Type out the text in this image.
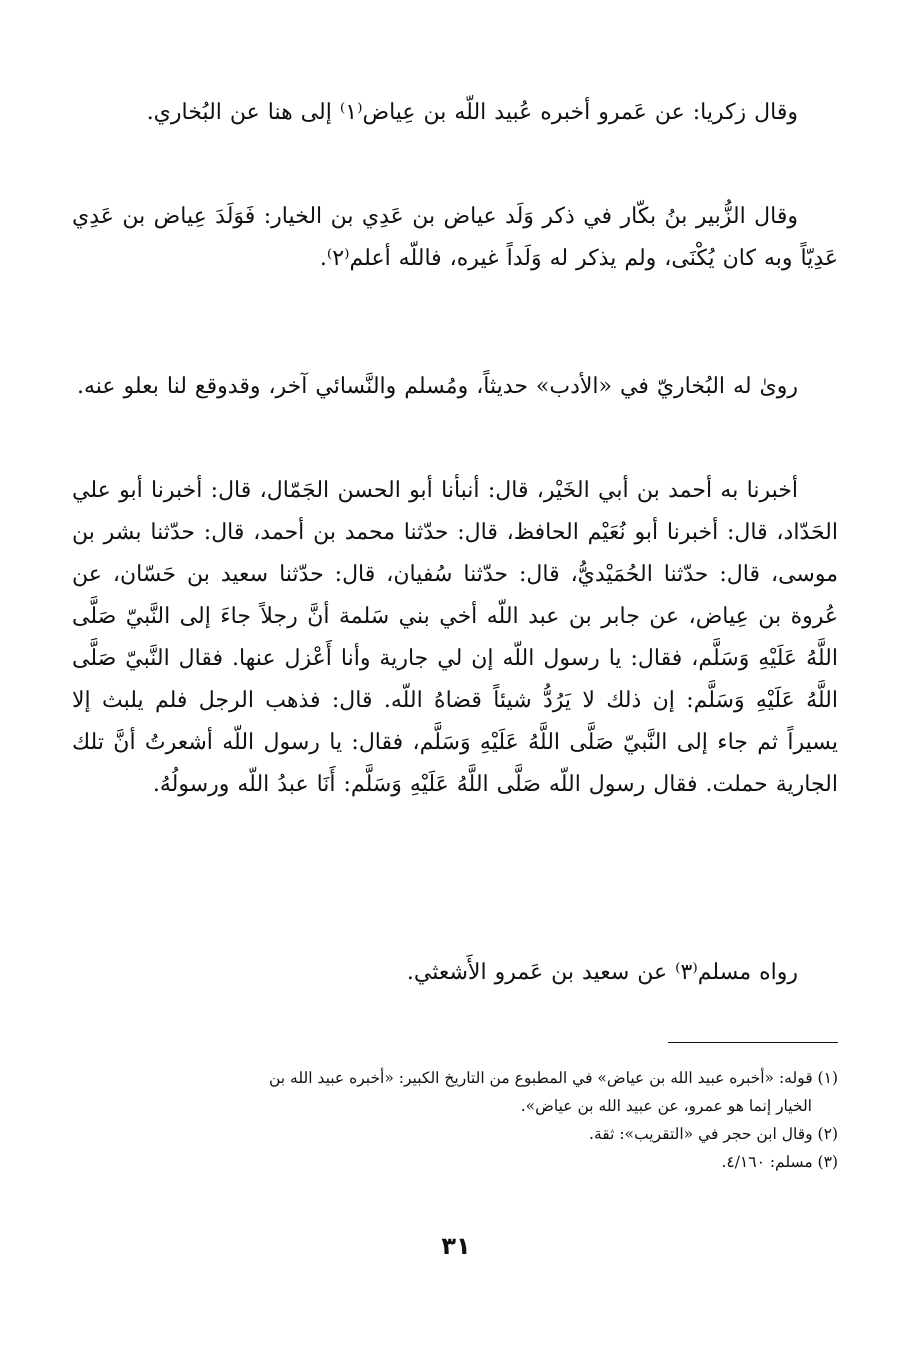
وقال زكريا: عن عَمرو أخبره عُبيد اللّه بن عِياض⁽١⁾ إلى هنا عن البُخاري.

وقال الزُّبير بنُ بكّار في ذكر وَلَد عياض بن عَدِي بن الخيار: فَوَلَدَ عِياض بن عَدِي عَدِيّاً وبه كان يُكْنَى، ولم يذكر له وَلَداً غيره، فاللّه أعلم⁽٢⁾.

روىٰ له البُخاريّ في «الأدب» حديثاً، ومُسلم والنَّسائي آخر، وقدوقع لنا بعلو عنه.

أخبرنا به أحمد بن أبي الخَيْر، قال: أنبأنا أبو الحسن الجَمّال، قال: أخبرنا أبو علي الحَدّاد، قال: أخبرنا أبو نُعَيْم الحافظ، قال: حدّثنا محمد بن أحمد، قال: حدّثنا بشر بن موسى، قال: حدّثنا الحُمَيْديُّ، قال: حدّثنا سُفيان، قال: حدّثنا سعيد بن حَسّان، عن عُروة بن عِياض، عن جابر بن عبد اللّه أخي بني سَلمة أنَّ رجلاً جاءَ إلى النَّبيّ صَلَّى اللَّهُ عَلَيْهِ وَسَلَّم، فقال: يا رسول اللّه إن لي جارية وأنا أَعْزل عنها. فقال النَّبيّ صَلَّى اللَّهُ عَلَيْهِ وَسَلَّم: إن ذلك لا يَرُدُّ شيئاً قضاهُ اللّه. قال: فذهب الرجل فلم يلبث إلا يسيراً ثم جاء إلى النَّبيّ صَلَّى اللَّهُ عَلَيْهِ وَسَلَّم، فقال: يا رسول اللّه أشعرتُ أنَّ تلك الجارية حملت. فقال رسول اللّه صَلَّى اللَّهُ عَلَيْهِ وَسَلَّم: أَنَا عبدُ اللّه ورسولُهُ.

رواه مسلم⁽٣⁾ عن سعيد بن عَمرو الأَشعثي.

(١) قوله: «أخبره عبيد الله بن عياض» في المطبوع من التاريخ الكبير: «أخبره عبيد الله بن

الخيار إنما هو عمرو، عن عبيد الله بن عياض».

(٢) وقال ابن حجر في «التقريب»: ثقة.

(٣) مسلم: ٤/١٦٠.

٣١
